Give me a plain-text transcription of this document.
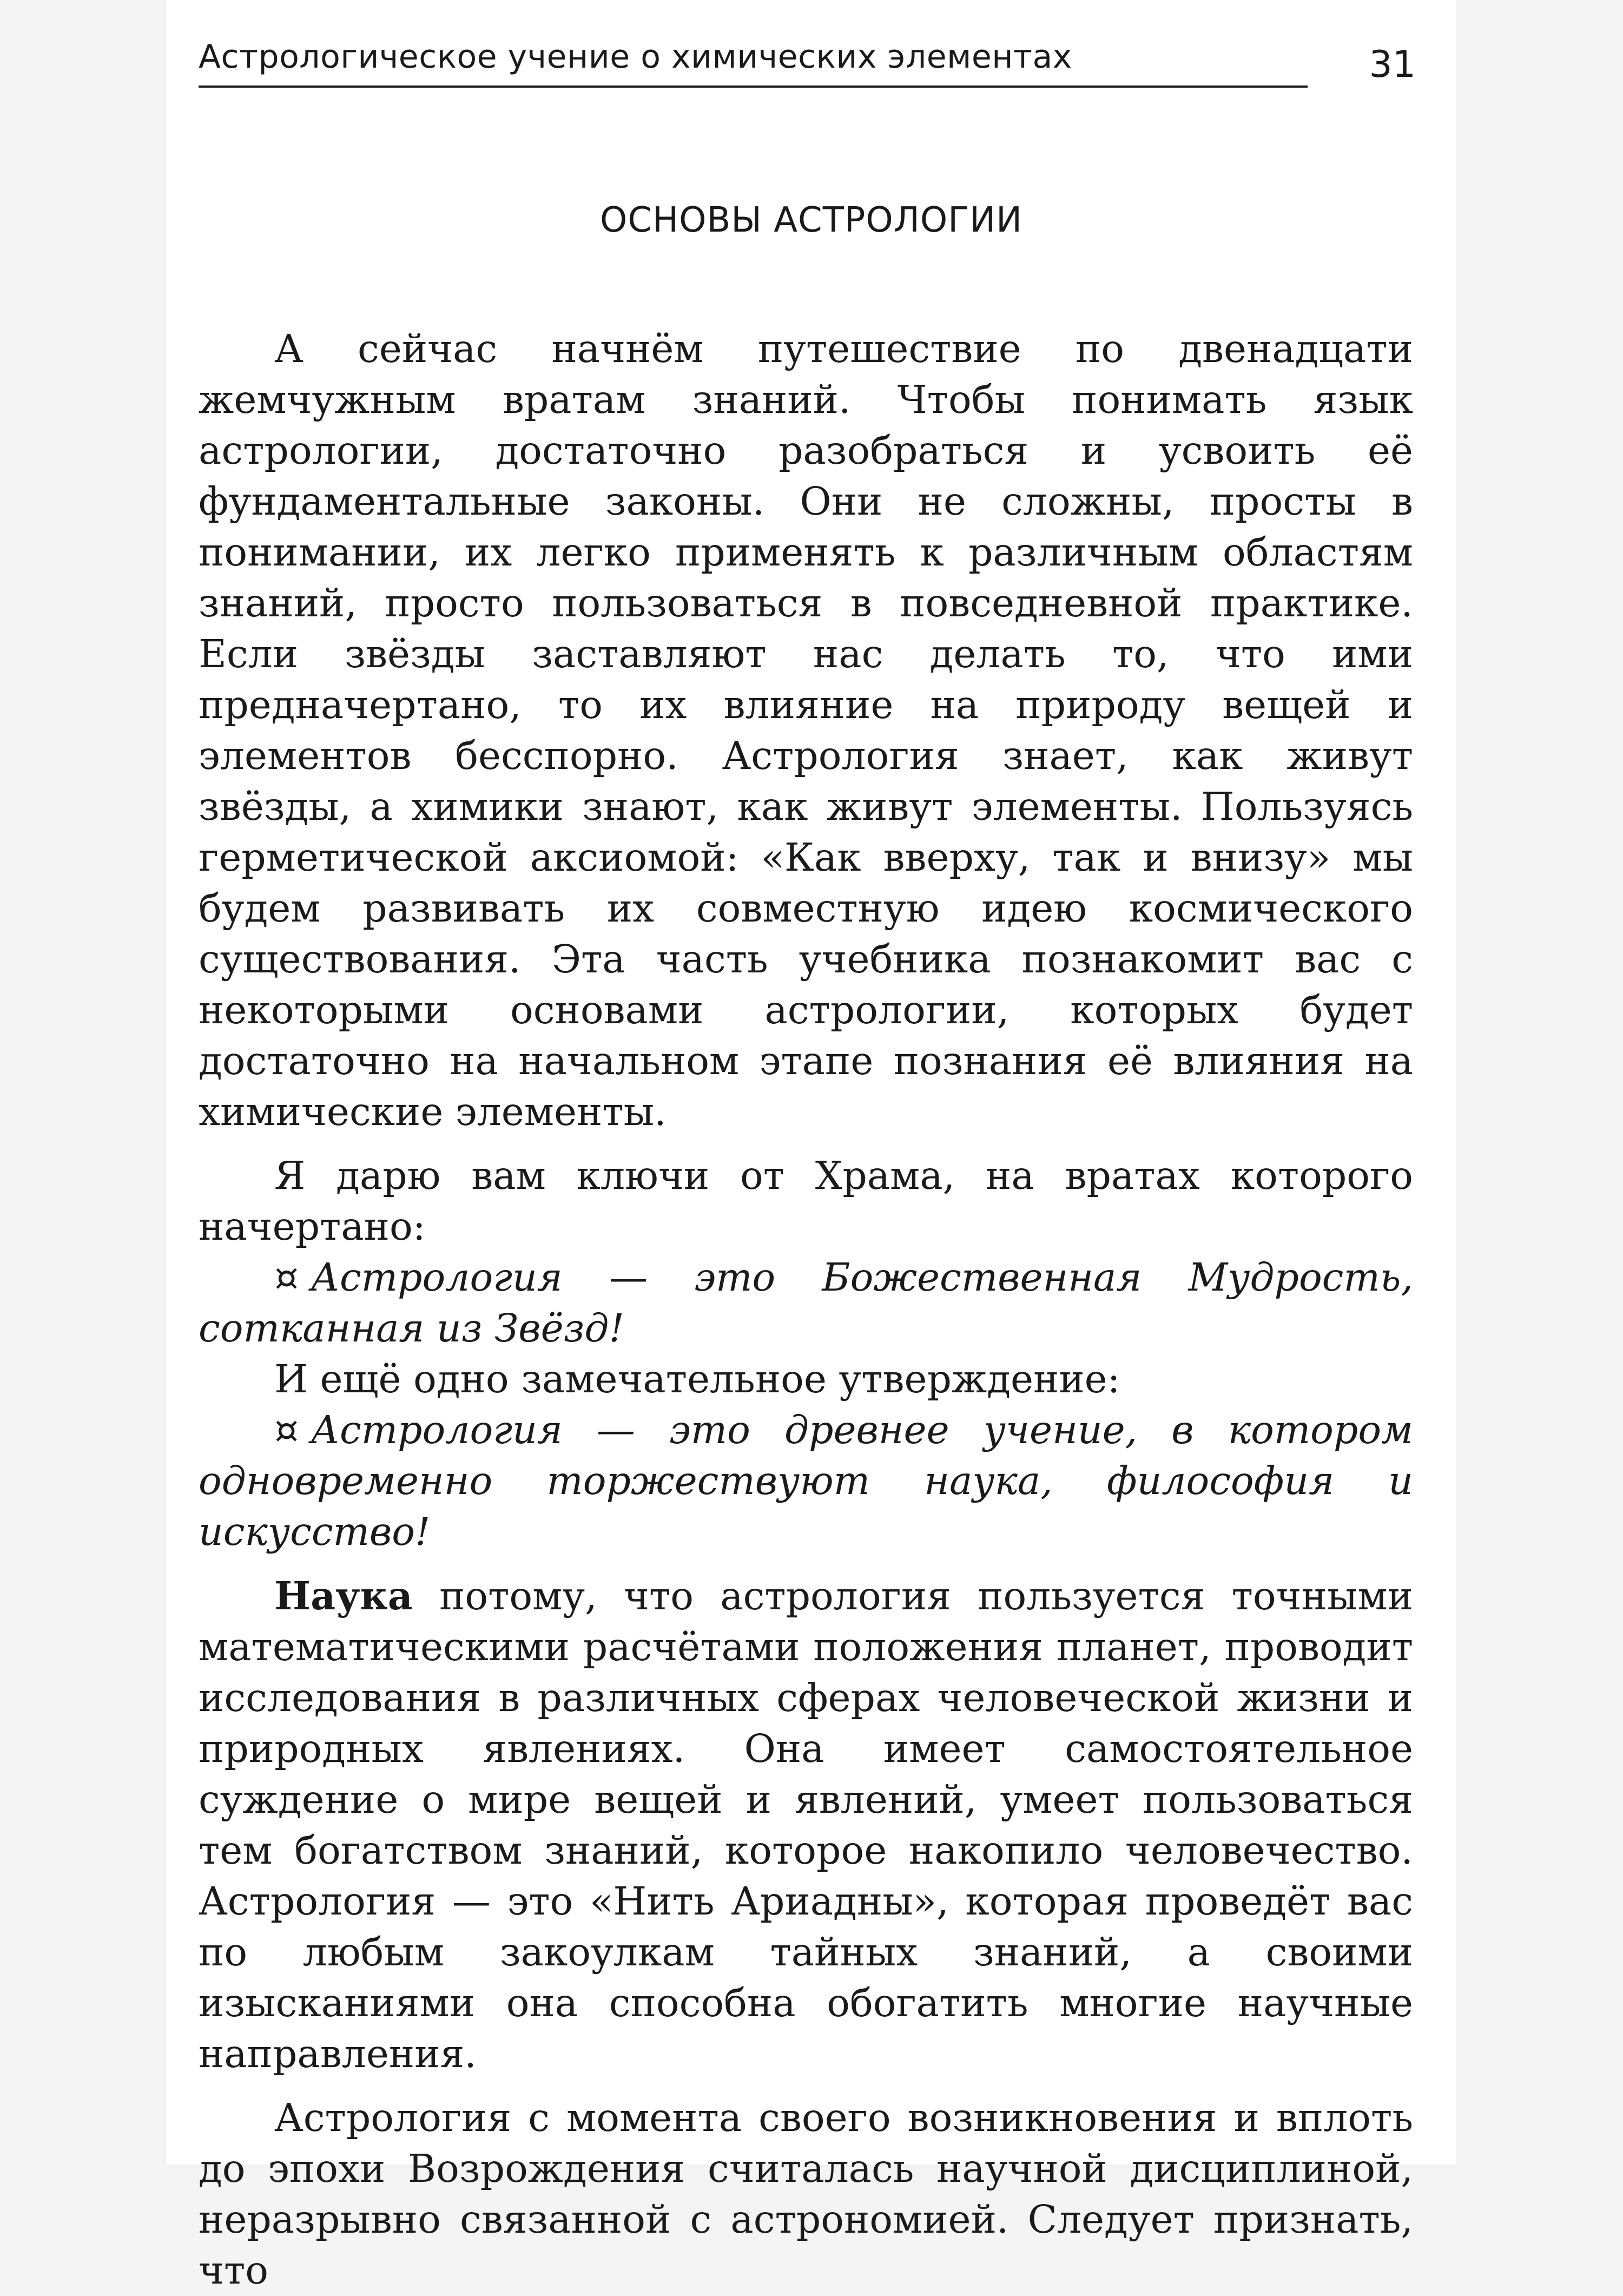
Астрологическое учение о химических элементах	31
ОСНОВЫ АСТРОЛОГИИ

А сейчас начнём путешествие по двенадцати жемчужным вратам знаний. Чтобы понимать язык астрологии, достаточно разобраться и усвоить её фундаментальные законы. Они не сложны, просты в понимании, их легко применять к различным областям знаний, просто пользоваться в повседневной практике. Если звёзды заставляют нас делать то, что ими предначертано, то их влияние на природу вещей и элементов бесспорно. Астрология знает, как живут звёзды, а химики знают, как живут элементы. Пользуясь герметической аксиомой: «Как вверху, так и внизу» мы будем развивать их совместную идею космического существования. Эта часть учебника познакомит вас с некоторыми основами астрологии, которых будет достаточно на начальном этапе познания её влияния на химические элементы.

Я дарю вам ключи от Храма, на вратах которого начертано:

¤ Астрология — это Божественная Мудрость, сотканная из Звёзд!

И ещё одно замечательное утверждение:

¤ Астрология — это древнее учение, в котором одновременно торжествуют наука, философия и искусство!

Наука потому, что астрология пользуется точными математическими расчётами положения планет, проводит исследования в различных сферах человеческой жизни и природных явлениях. Она имеет самостоятельное суждение о мире вещей и явлений, умеет пользоваться тем богатством знаний, которое накопило человечество. Астрология — это «Нить Ариадны», которая проведёт вас по любым закоулкам тайных знаний, а своими изысканиями она способна обогатить многие научные направления.

Астрология с момента своего возникновения и вплоть до эпохи Возрождения считалась научной дисциплиной, неразрывно связанной с астрономией. Следует признать, что
